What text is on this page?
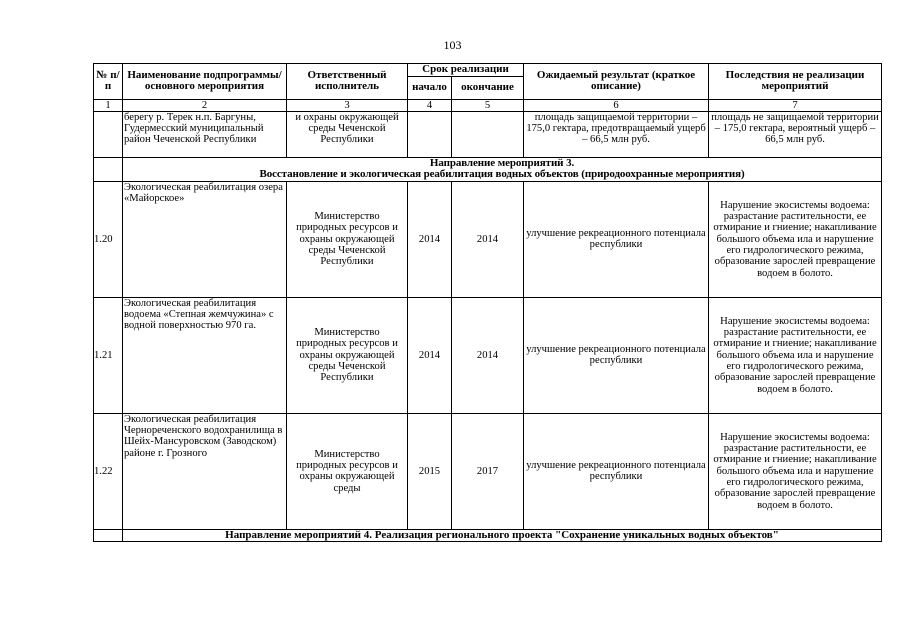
103
№ п/п	Наименование подпрограммы/ основного мероприятия	Ответственный исполнитель	Срок реализации		Ожидаемый результат (краткое описание)	Последствия не реализации мероприятий
			начало	окончание		
1	2	3	4	5	6	7
	берегу р. Терек н.п. Баргуны, Гудермесский муниципальный район Чеченской Республики	и охраны окружающей среды Чеченской Республики			площадь защищаемой территории – 175,0 гектара, предотвращаемый ущерб – 66,5 млн руб.	площадь не защищаемой территории – 175,0 гектара, вероятный ущерб – 66,5 млн руб.

	Направление мероприятий 3.
Восстановление и экологическая реабилитация водных объектов (природоохранные мероприятия)					

1.20	Экологическая реабилитация озера «Майорское»	Министерство природных ресурсов и охраны окружающей среды Чеченской Республики	2014	2014	улучшение рекреационного потенциала республики	Нарушение экосистемы водоема: разрастание растительности, ее отмирание и гниение; накапливание большого объема ила и нарушение его гидрологического режима, образование зарослей превращение водоем в болото.
1.21	Экологическая реабилитация водоема «Степная жемчужина» с водной поверхностью 970 га.	Министерство природных ресурсов и охраны окружающей среды Чеченской Республики	2014	2014	улучшение рекреационного потенциала республики	Нарушение экосистемы водоема: разрастание растительности, ее отмирание и гниение; накапливание большого объема ила и нарушение его гидрологического режима, образование зарослей превращение водоем в болото.
1.22	Экологическая реабилитация Чернореченского водохранилища в Шейх-Мансуровском (Заводском) районе г. Грозного	Министерство природных ресурсов и охраны окружающей среды	2015	2017	улучшение рекреационного потенциала республики	Нарушение экосистемы водоема: разрастание растительности, ее отмирание и гниение; накапливание большого объема ила и нарушение его гидрологического режима, образование зарослей превращение водоем в болото.

	Направление мероприятий 4. Реализация регионального проекта "Сохранение уникальных водных объектов"					
